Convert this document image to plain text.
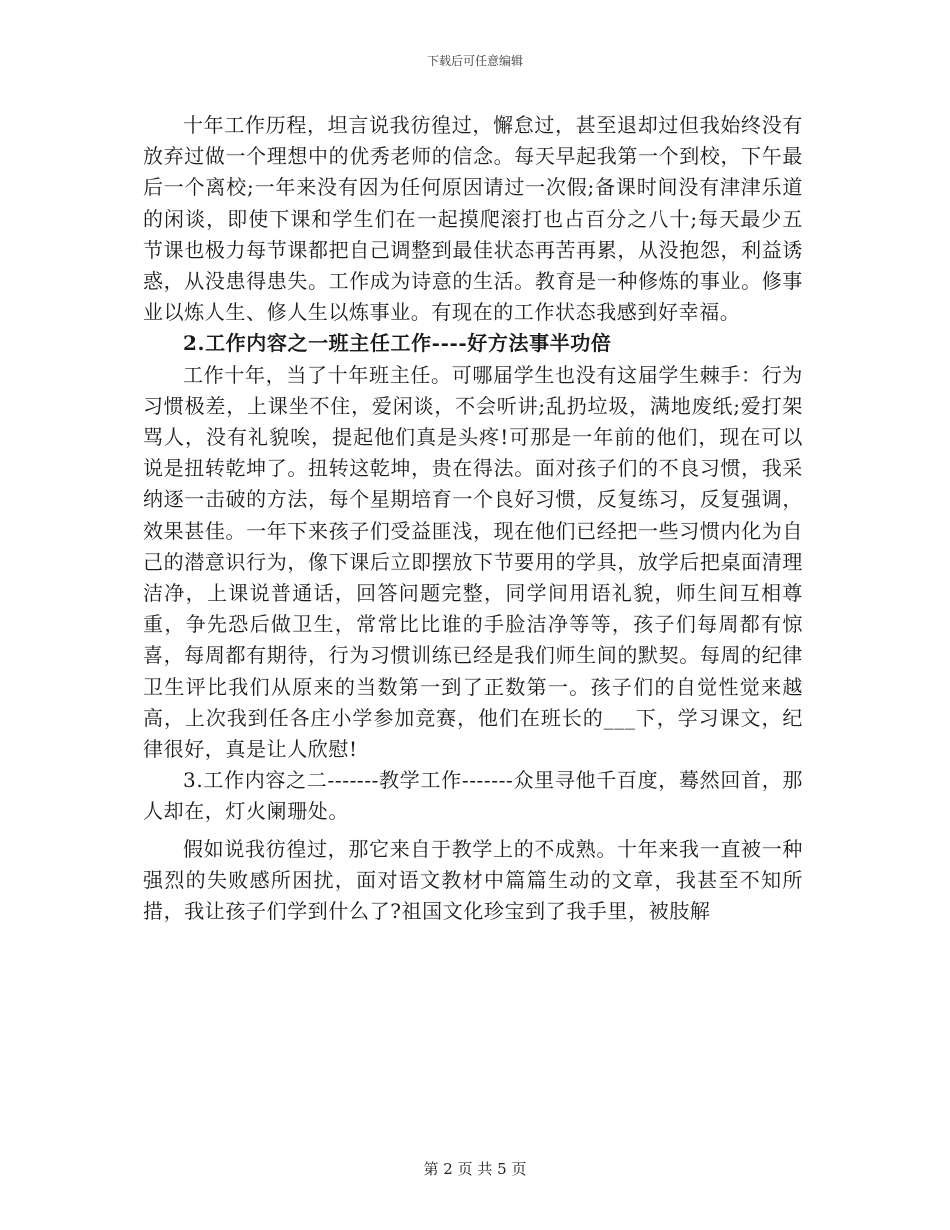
下载后可任意编辑

十年工作历程，坦言说我彷徨过，懈怠过，甚至退却过但我始终没有放弃过做一个理想中的优秀老师的信念。每天早起我第一个到校，下午最后一个离校;一年来没有因为任何原因请过一次假;备课时间没有津津乐道的闲谈，即使下课和学生们在一起摸爬滚打也占百分之八十;每天最少五节课也极力每节课都把自己调整到最佳状态再苦再累，从没抱怨，利益诱惑，从没患得患失。工作成为诗意的生活。教育是一种修炼的事业。修事业以炼人生、修人生以炼事业。有现在的工作状态我感到好幸福。

2.工作内容之一班主任工作----好方法事半功倍

工作十年，当了十年班主任。可哪届学生也没有这届学生棘手：行为习惯极差，上课坐不住，爱闲谈，不会听讲;乱扔垃圾，满地废纸;爱打架骂人，没有礼貌唉，提起他们真是头疼!可那是一年前的他们，现在可以说是扭转乾坤了。扭转这乾坤，贵在得法。面对孩子们的不良习惯，我采纳逐一击破的方法，每个星期培育一个良好习惯，反复练习，反复强调，效果甚佳。一年下来孩子们受益匪浅，现在他们已经把一些习惯内化为自己的潜意识行为，像下课后立即摆放下节要用的学具，放学后把桌面清理洁净，上课说普通话，回答问题完整，同学间用语礼貌，师生间互相尊重，争先恐后做卫生，常常比比谁的手脸洁净等等，孩子们每周都有惊喜，每周都有期待，行为习惯训练已经是我们师生间的默契。每周的纪律卫生评比我们从原来的当数第一到了正数第一。孩子们的自觉性觉来越高，上次我到任各庄小学参加竞赛，他们在班长的___下，学习课文，纪律很好，真是让人欣慰!

3.工作内容之二-------教学工作-------众里寻他千百度，蓦然回首，那人却在，灯火阑珊处。

假如说我彷徨过，那它来自于教学上的不成熟。十年来我一直被一种强烈的失败感所困扰，面对语文教材中篇篇生动的文章，我甚至不知所措，我让孩子们学到什么了?祖国文化珍宝到了我手里，被肢解

第 2 页 共 5 页
